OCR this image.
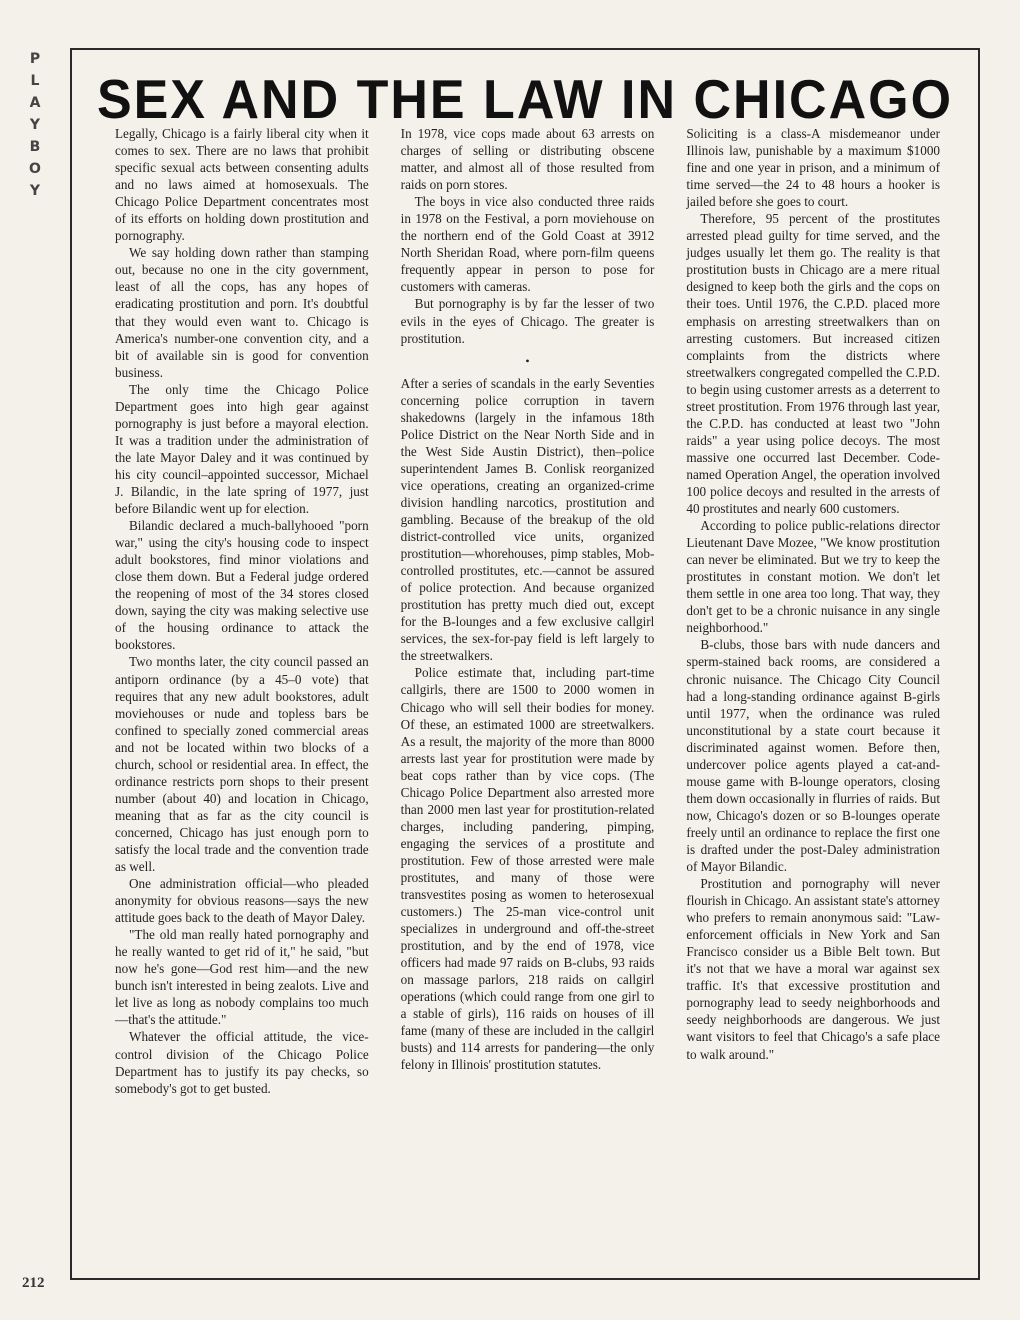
P
L
A
Y
B
O
Y
SEX AND THE LAW IN CHICAGO

Legally, Chicago is a fairly liberal city when it comes to sex. There are no laws that prohibit specific sexual acts between consenting adults and no laws aimed at homosexuals. The Chicago Police Department concentrates most of its efforts on holding down prostitution and pornography.

We say holding down rather than stamping out, because no one in the city government, least of all the cops, has any hopes of eradicating prostitution and porn. It's doubtful that they would even want to. Chicago is America's number-one convention city, and a bit of available sin is good for convention business.

The only time the Chicago Police Department goes into high gear against pornography is just before a mayoral election. It was a tradition under the administration of the late Mayor Daley and it was continued by his city council–appointed successor, Michael J. Bilandic, in the late spring of 1977, just before Bilandic went up for election.

Bilandic declared a much-ballyhooed "porn war," using the city's housing code to inspect adult bookstores, find minor violations and close them down. But a Federal judge ordered the reopening of most of the 34 stores closed down, saying the city was making selective use of the housing ordinance to attack the bookstores.

Two months later, the city council passed an antiporn ordinance (by a 45–0 vote) that requires that any new adult bookstores, adult moviehouses or nude and topless bars be confined to specially zoned commercial areas and not be located within two blocks of a church, school or residential area. In effect, the ordinance restricts porn shops to their present number (about 40) and location in Chicago, meaning that as far as the city council is concerned, Chicago has just enough porn to satisfy the local trade and the convention trade as well.

One administration official—who pleaded anonymity for obvious reasons—says the new attitude goes back to the death of Mayor Daley.

"The old man really hated pornography and he really wanted to get rid of it," he said, "but now he's gone—God rest him—and the new bunch isn't interested in being zealots. Live and let live as long as nobody complains too much—that's the attitude."

Whatever the official attitude, the vice-control division of the Chicago Police Department has to justify its pay checks, so somebody's got to get busted.

In 1978, vice cops made about 63 arrests on charges of selling or distributing obscene matter, and almost all of those resulted from raids on porn stores.

The boys in vice also conducted three raids in 1978 on the Festival, a porn moviehouse on the northern end of the Gold Coast at 3912 North Sheridan Road, where porn-film queens frequently appear in person to pose for customers with cameras.

But pornography is by far the lesser of two evils in the eyes of Chicago. The greater is prostitution.

•

After a series of scandals in the early Seventies concerning police corruption in tavern shakedowns (largely in the infamous 18th Police District on the Near North Side and in the West Side Austin District), then–police superintendent James B. Conlisk reorganized vice operations, creating an organized-crime division handling narcotics, prostitution and gambling. Because of the breakup of the old district-controlled vice units, organized prostitution—whorehouses, pimp stables, Mob-controlled prostitutes, etc.—cannot be assured of police protection. And because organized prostitution has pretty much died out, except for the B-lounges and a few exclusive callgirl services, the sex-for-pay field is left largely to the streetwalkers.

Police estimate that, including part-time callgirls, there are 1500 to 2000 women in Chicago who will sell their bodies for money. Of these, an estimated 1000 are streetwalkers. As a result, the majority of the more than 8000 arrests last year for prostitution were made by beat cops rather than by vice cops. (The Chicago Police Department also arrested more than 2000 men last year for prostitution-related charges, including pandering, pimping, engaging the services of a prostitute and prostitution. Few of those arrested were male prostitutes, and many of those were transvestites posing as women to heterosexual customers.) The 25-man vice-control unit specializes in underground and off-the-street prostitution, and by the end of 1978, vice officers had made 97 raids on B-clubs, 93 raids on massage parlors, 218 raids on callgirl operations (which could range from one girl to a stable of girls), 116 raids on houses of ill fame (many of these are included in the callgirl busts) and 114 arrests for pandering—the only felony in Illinois' prostitution statutes.

Soliciting is a class-A misdemeanor under Illinois law, punishable by a maximum $1000 fine and one year in prison, and a minimum of time served—the 24 to 48 hours a hooker is jailed before she goes to court.

Therefore, 95 percent of the prostitutes arrested plead guilty for time served, and the judges usually let them go. The reality is that prostitution busts in Chicago are a mere ritual designed to keep both the girls and the cops on their toes. Until 1976, the C.P.D. placed more emphasis on arresting streetwalkers than on arresting customers. But increased citizen complaints from the districts where streetwalkers congregated compelled the C.P.D. to begin using customer arrests as a deterrent to street prostitution. From 1976 through last year, the C.P.D. has conducted at least two "John raids" a year using police decoys. The most massive one occurred last December. Code-named Operation Angel, the operation involved 100 police decoys and resulted in the arrests of 40 prostitutes and nearly 600 customers.

According to police public-relations director Lieutenant Dave Mozee, "We know prostitution can never be eliminated. But we try to keep the prostitutes in constant motion. We don't let them settle in one area too long. That way, they don't get to be a chronic nuisance in any single neighborhood."

B-clubs, those bars with nude dancers and sperm-stained back rooms, are considered a chronic nuisance. The Chicago City Council had a long-standing ordinance against B-girls until 1977, when the ordinance was ruled unconstitutional by a state court because it discriminated against women. Before then, undercover police agents played a cat-and-mouse game with B-lounge operators, closing them down occasionally in flurries of raids. But now, Chicago's dozen or so B-lounges operate freely until an ordinance to replace the first one is drafted under the post-Daley administration of Mayor Bilandic.

Prostitution and pornography will never flourish in Chicago. An assistant state's attorney who prefers to remain anonymous said: "Law-enforcement officials in New York and San Francisco consider us a Bible Belt town. But it's not that we have a moral war against sex traffic. It's that excessive prostitution and pornography lead to seedy neighborhoods and seedy neighborhoods are dangerous. We just want visitors to feel that Chicago's a safe place to walk around."

212
